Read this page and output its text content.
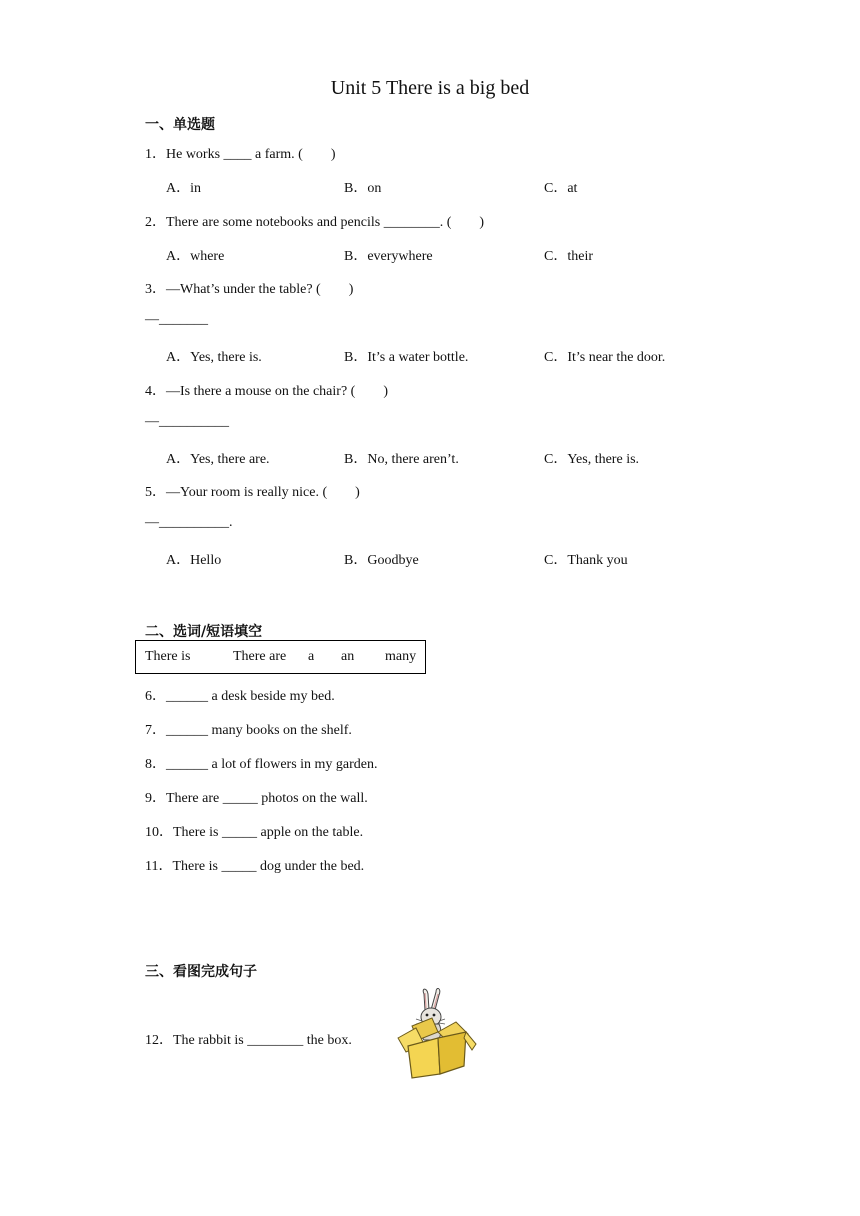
Unit 5 There is a big bed
一、单选题
1．He works ____ a farm. (　　)
A．in	B．on	C．at
2．There are some notebooks and pencils ________. (　　)
A．where	B．everywhere	C．their
3．—What’s under the table? (　　)
—_______
A．Yes, there is.	B．It’s a water bottle.	C．It’s near the door.
4．—Is there a mouse on the chair? (　　)
—__________
A．Yes, there are.	B．No, there aren’t.	C．Yes, there is.
5．—Your room is really nice. (　　)
—__________.
A．Hello	B．Goodbye	C．Thank you
二、选词/短语填空
There is	There are a an many
6．______ a desk beside my bed.
7．______ many books on the shelf.
8．______ a lot of flowers in my garden.
9．There are _____ photos on the wall.
10．There is _____ apple on the table.
11．There is _____ dog under the bed.
三、看图完成句子
12．The rabbit is ________ the box.
